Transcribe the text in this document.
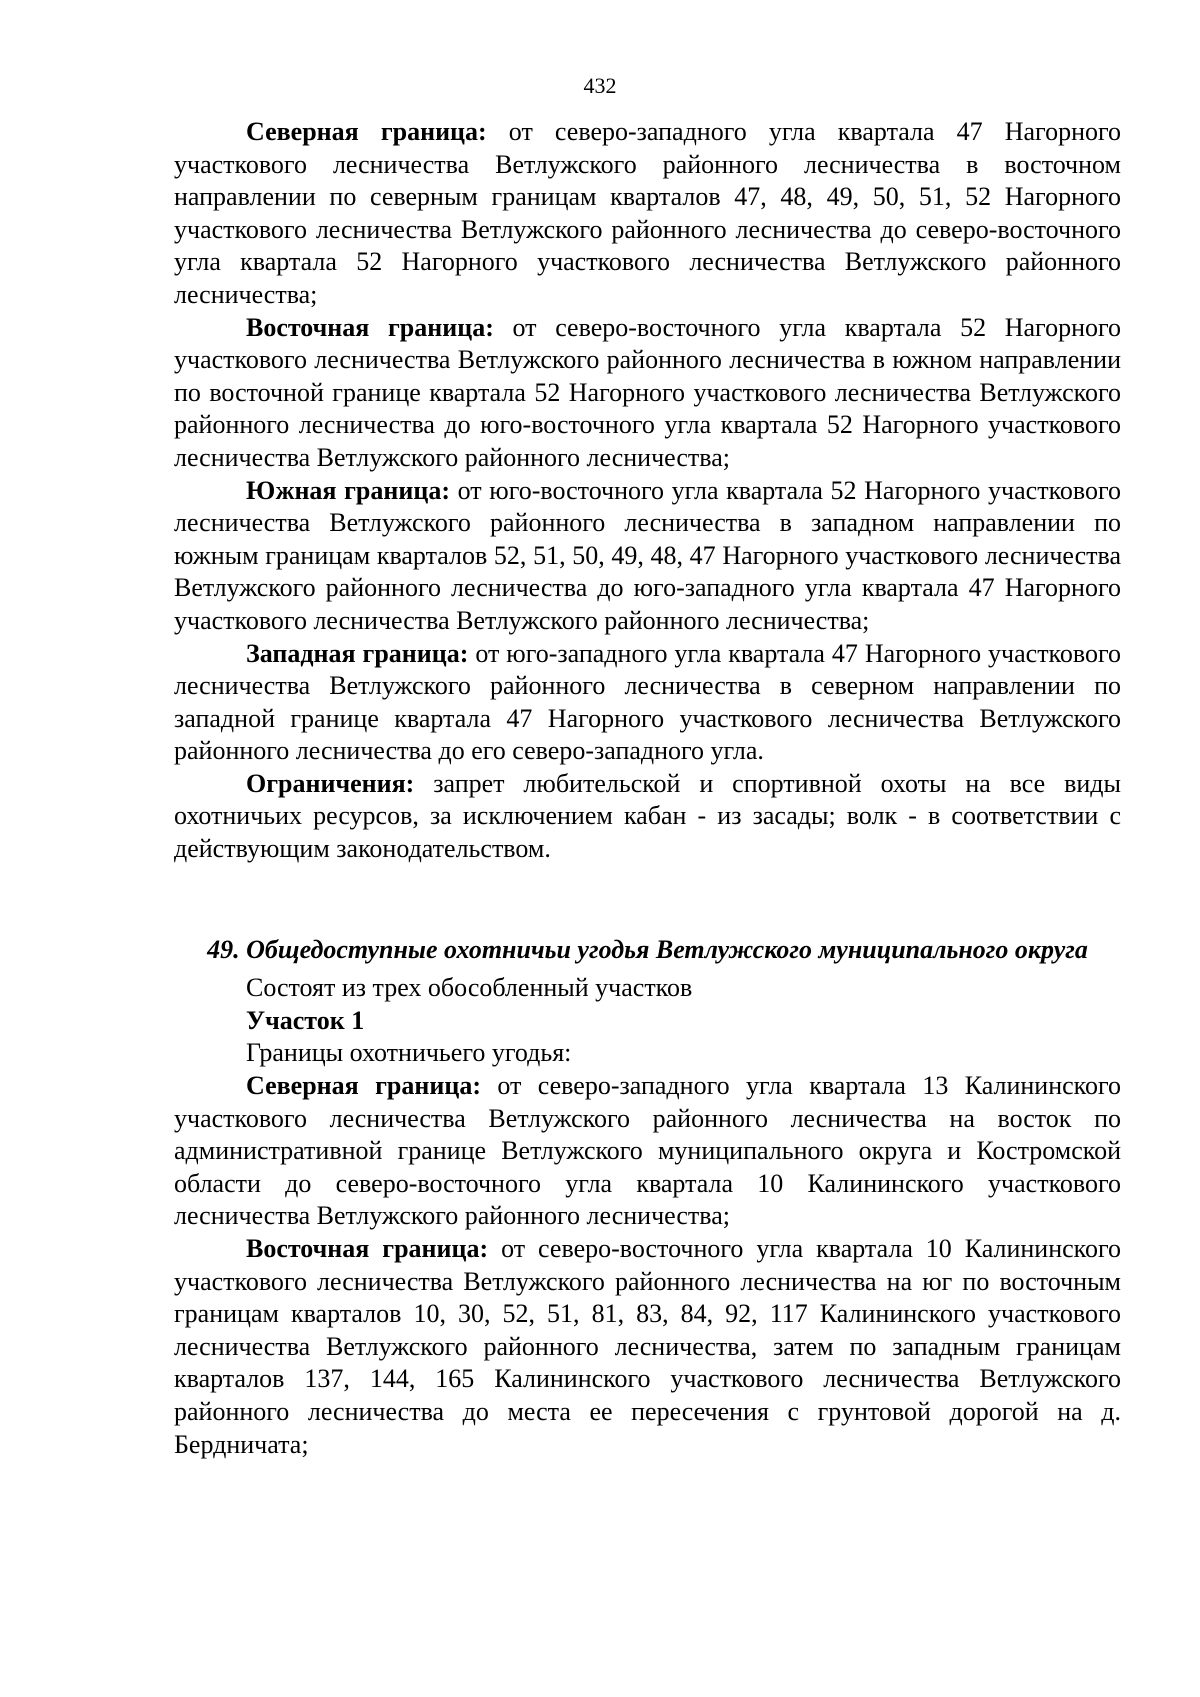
432

Северная граница: от северо-западного угла квартала 47 Нагорного участкового лесничества Ветлужского районного лесничества в восточном направлении по северным границам кварталов 47, 48, 49, 50, 51, 52 Нагорного участкового лесничества Ветлужского районного лесничества до северо-восточного угла квартала 52 Нагорного участкового лесничества Ветлужского районного лесничества;

Восточная граница: от северо-восточного угла квартала 52 Нагорного участкового лесничества Ветлужского районного лесничества в южном направлении по восточной границе квартала 52 Нагорного участкового лесничества Ветлужского районного лесничества до юго-восточного угла квартала 52 Нагорного участкового лесничества Ветлужского районного лесничества;

Южная граница: от юго-восточного угла квартала 52 Нагорного участкового лесничества Ветлужского районного лесничества в западном направлении по южным границам кварталов 52, 51, 50, 49, 48, 47 Нагорного участкового лесничества Ветлужского районного лесничества до юго-западного угла квартала 47 Нагорного участкового лесничества Ветлужского районного лесничества;

Западная граница: от юго-западного угла квартала 47 Нагорного участкового лесничества Ветлужского районного лесничества в северном направлении по западной границе квартала 47 Нагорного участкового лесничества Ветлужского районного лесничества до его северо-западного угла.

Ограничения: запрет любительской и спортивной охоты на все виды охотничьих ресурсов, за исключением кабан - из засады; волк - в соответствии с действующим законодательством.

49. Общедоступные охотничьи угодья Ветлужского муниципального округа

Состоят из трех обособленный участков

Участок 1

Границы охотничьего угодья:

Северная граница: от северо-западного угла квартала 13 Калининского участкового лесничества Ветлужского районного лесничества на восток по административной границе Ветлужского муниципального округа и Костромской области до северо-восточного угла квартала 10 Калининского участкового лесничества Ветлужского районного лесничества;

Восточная граница: от северо-восточного угла квартала 10 Калининского участкового лесничества Ветлужского районного лесничества на юг по восточным границам кварталов 10, 30, 52, 51, 81, 83, 84, 92, 117 Калининского участкового лесничества Ветлужского районного лесничества, затем по западным границам кварталов 137, 144, 165 Калининского участкового лесничества Ветлужского районного лесничества до места ее пересечения с грунтовой дорогой на д. Бердничата;
